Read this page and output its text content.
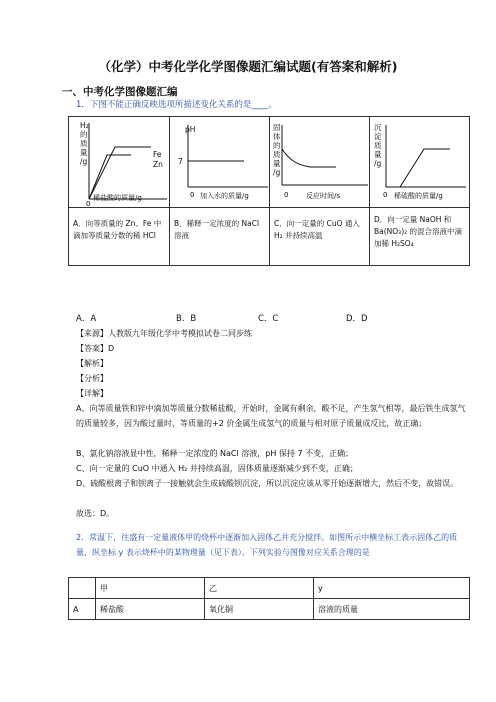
（化学）中考化学化学图像题汇编试题(有答案和解析)
一、中考化学图像题汇编
1．下图不能正确反映选项所描述变化关系的是____。
0
H₂
的
质
量
/g
Fe
Zn
稀盐酸的质量/g	0
pH
7
加入水的质量/g	0
固
体
的
质
量
/g
反应时间/s	0
沉
淀
质
量
/g
稀硫酸的质量/g
A．向等质量的 Zn、Fe 中滴加等质量分数的稀 HCl
B．稀释一定浓度的 NaCl 溶液
C．向一定量的 CuO 通入 H₂ 并持续高温
D．向一定量 NaOH 和 Ba(NO₃)₂ 的混合溶液中滴加稀 H₂SO₄
A．A	B．B	C．C	D．D
【来源】人教版九年级化学中考模拟试卷二同步练
【答案】D
【解析】
【分析】
【详解】
A、向等质量铁和锌中滴加等质量分数稀盐酸，开始时，金属有剩余，酸不足，产生氢气相等，最后铁生成氢气的质量较多，因为酸过量时，等质量的+2 价金属生成氢气的质量与相对原子质量成反比，故正确；
B、氯化钠溶液显中性，稀释一定浓度的 NaCl 溶液，pH 保持 7 不变，正确；
C、向一定量的 CuO 中通入 H₂ 并持续高温，固体质量逐渐减少到不变，正确；
D、硫酸根离子和钡离子一接触就会生成硫酸钡沉淀，所以沉淀应该从零开始逐渐增大，然后不变，故错误。
故选：D。
2．常温下，往盛有一定量液体甲的烧杯中逐渐加入固体乙并充分搅拌。如图所示中横坐标工表示固体乙的质量，纵坐标 y 表示烧杯中的某物理量（见下表）。下列实验与图像对应关系合理的是
	甲	乙	y
A	稀盐酸	氧化铜	溶液的质量
